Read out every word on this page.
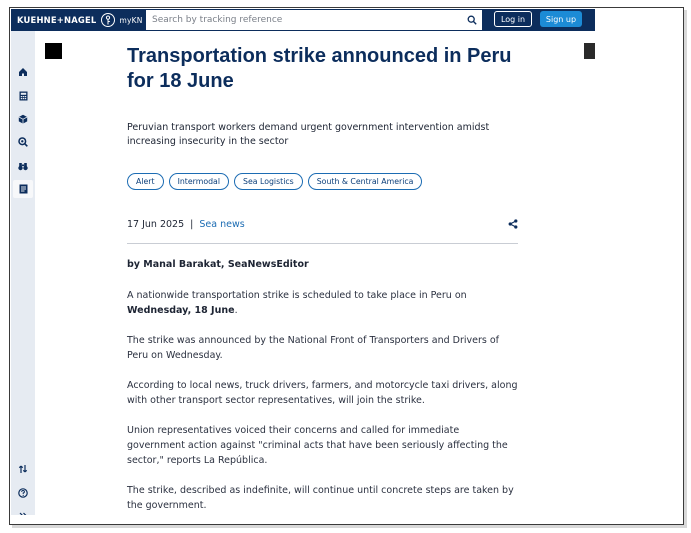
KUEHNE+NAGEL	myKN Search by tracking reference	Log in	Sign up
Transportation strike announced in Peru
for 18 June
Peruvian transport workers demand urgent government intervention amidst increasing insecurity in the sector
Alert	Intermodal	Sea Logistics	South & Central America
17 Jun 2025 | Sea news
by Manal Barakat, SeaNewsEditor

A nationwide transportation strike is scheduled to take place in Peru on
Wednesday, 18 June.

The strike was announced by the National Front of Transporters and Drivers of Peru on Wednesday.

According to local news, truck drivers, farmers, and motorcycle taxi drivers, along with other transport sector representatives, will join the strike.

Union representatives voiced their concerns and called for immediate government action against "criminal acts that have been seriously affecting the sector," reports La República.

The strike, described as indefinite, will continue until concrete steps are taken by the government.
